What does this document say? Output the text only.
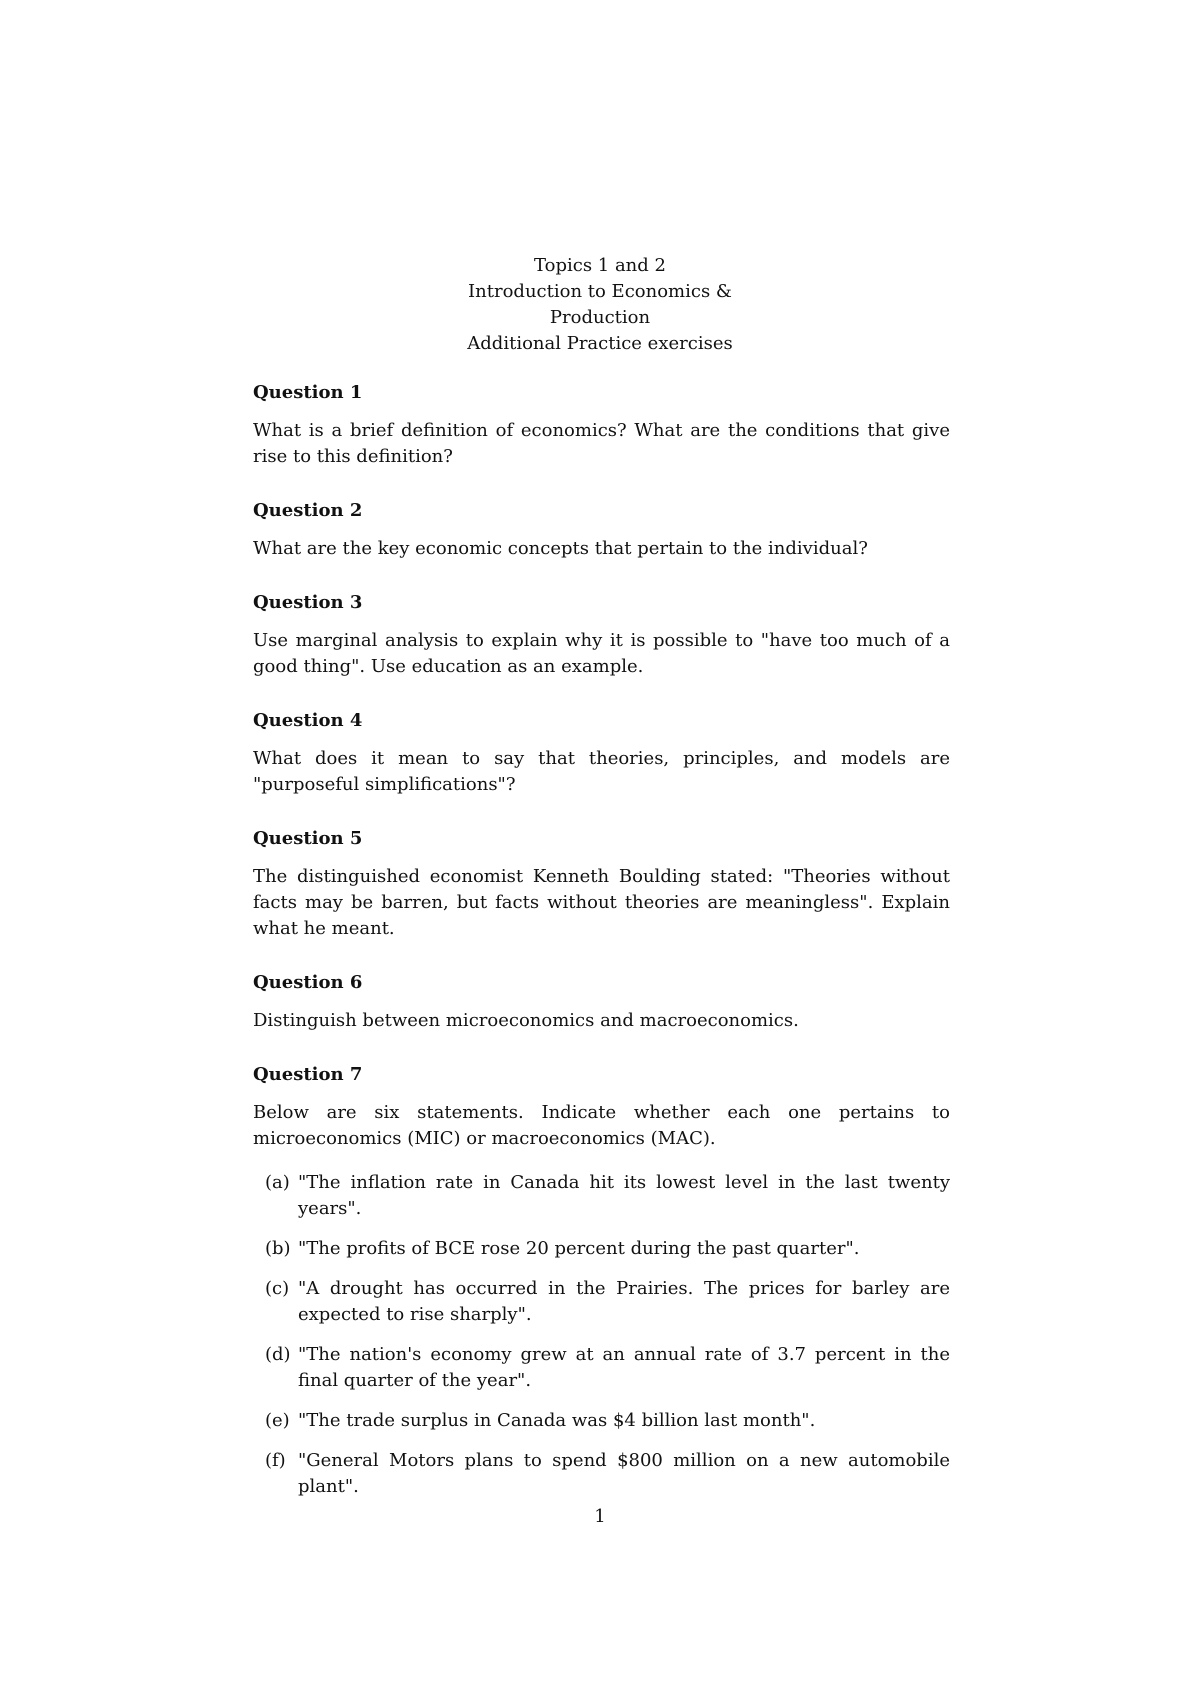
Topics 1 and 2
Introduction to Economics &
Production
Additional Practice exercises
Question 1

What is a brief definition of economics? What are the conditions that give rise to this definition?

Question 2

What are the key economic concepts that pertain to the individual?

Question 3

Use marginal analysis to explain why it is possible to "have too much of a good thing". Use education as an example.

Question 4

What does it mean to say that theories, principles, and models are "purposeful simplifications"?

Question 5

The distinguished economist Kenneth Boulding stated: "Theories without facts may be barren, but facts without theories are meaningless". Explain what he meant.

Question 6

Distinguish between microeconomics and macroeconomics.

Question 7

Below are six statements. Indicate whether each one pertains to microeconomics (MIC) or macroeconomics (MAC).

(a) "The inflation rate in Canada hit its lowest level in the last twenty years".
(b) "The profits of BCE rose 20 percent during the past quarter".
(c) "A drought has occurred in the Prairies. The prices for barley are expected to rise sharply".
(d) "The nation's economy grew at an annual rate of 3.7 percent in the final quarter of the year".
(e) "The trade surplus in Canada was $4 billion last month".
(f) "General Motors plans to spend $800 million on a new automobile plant".
1
